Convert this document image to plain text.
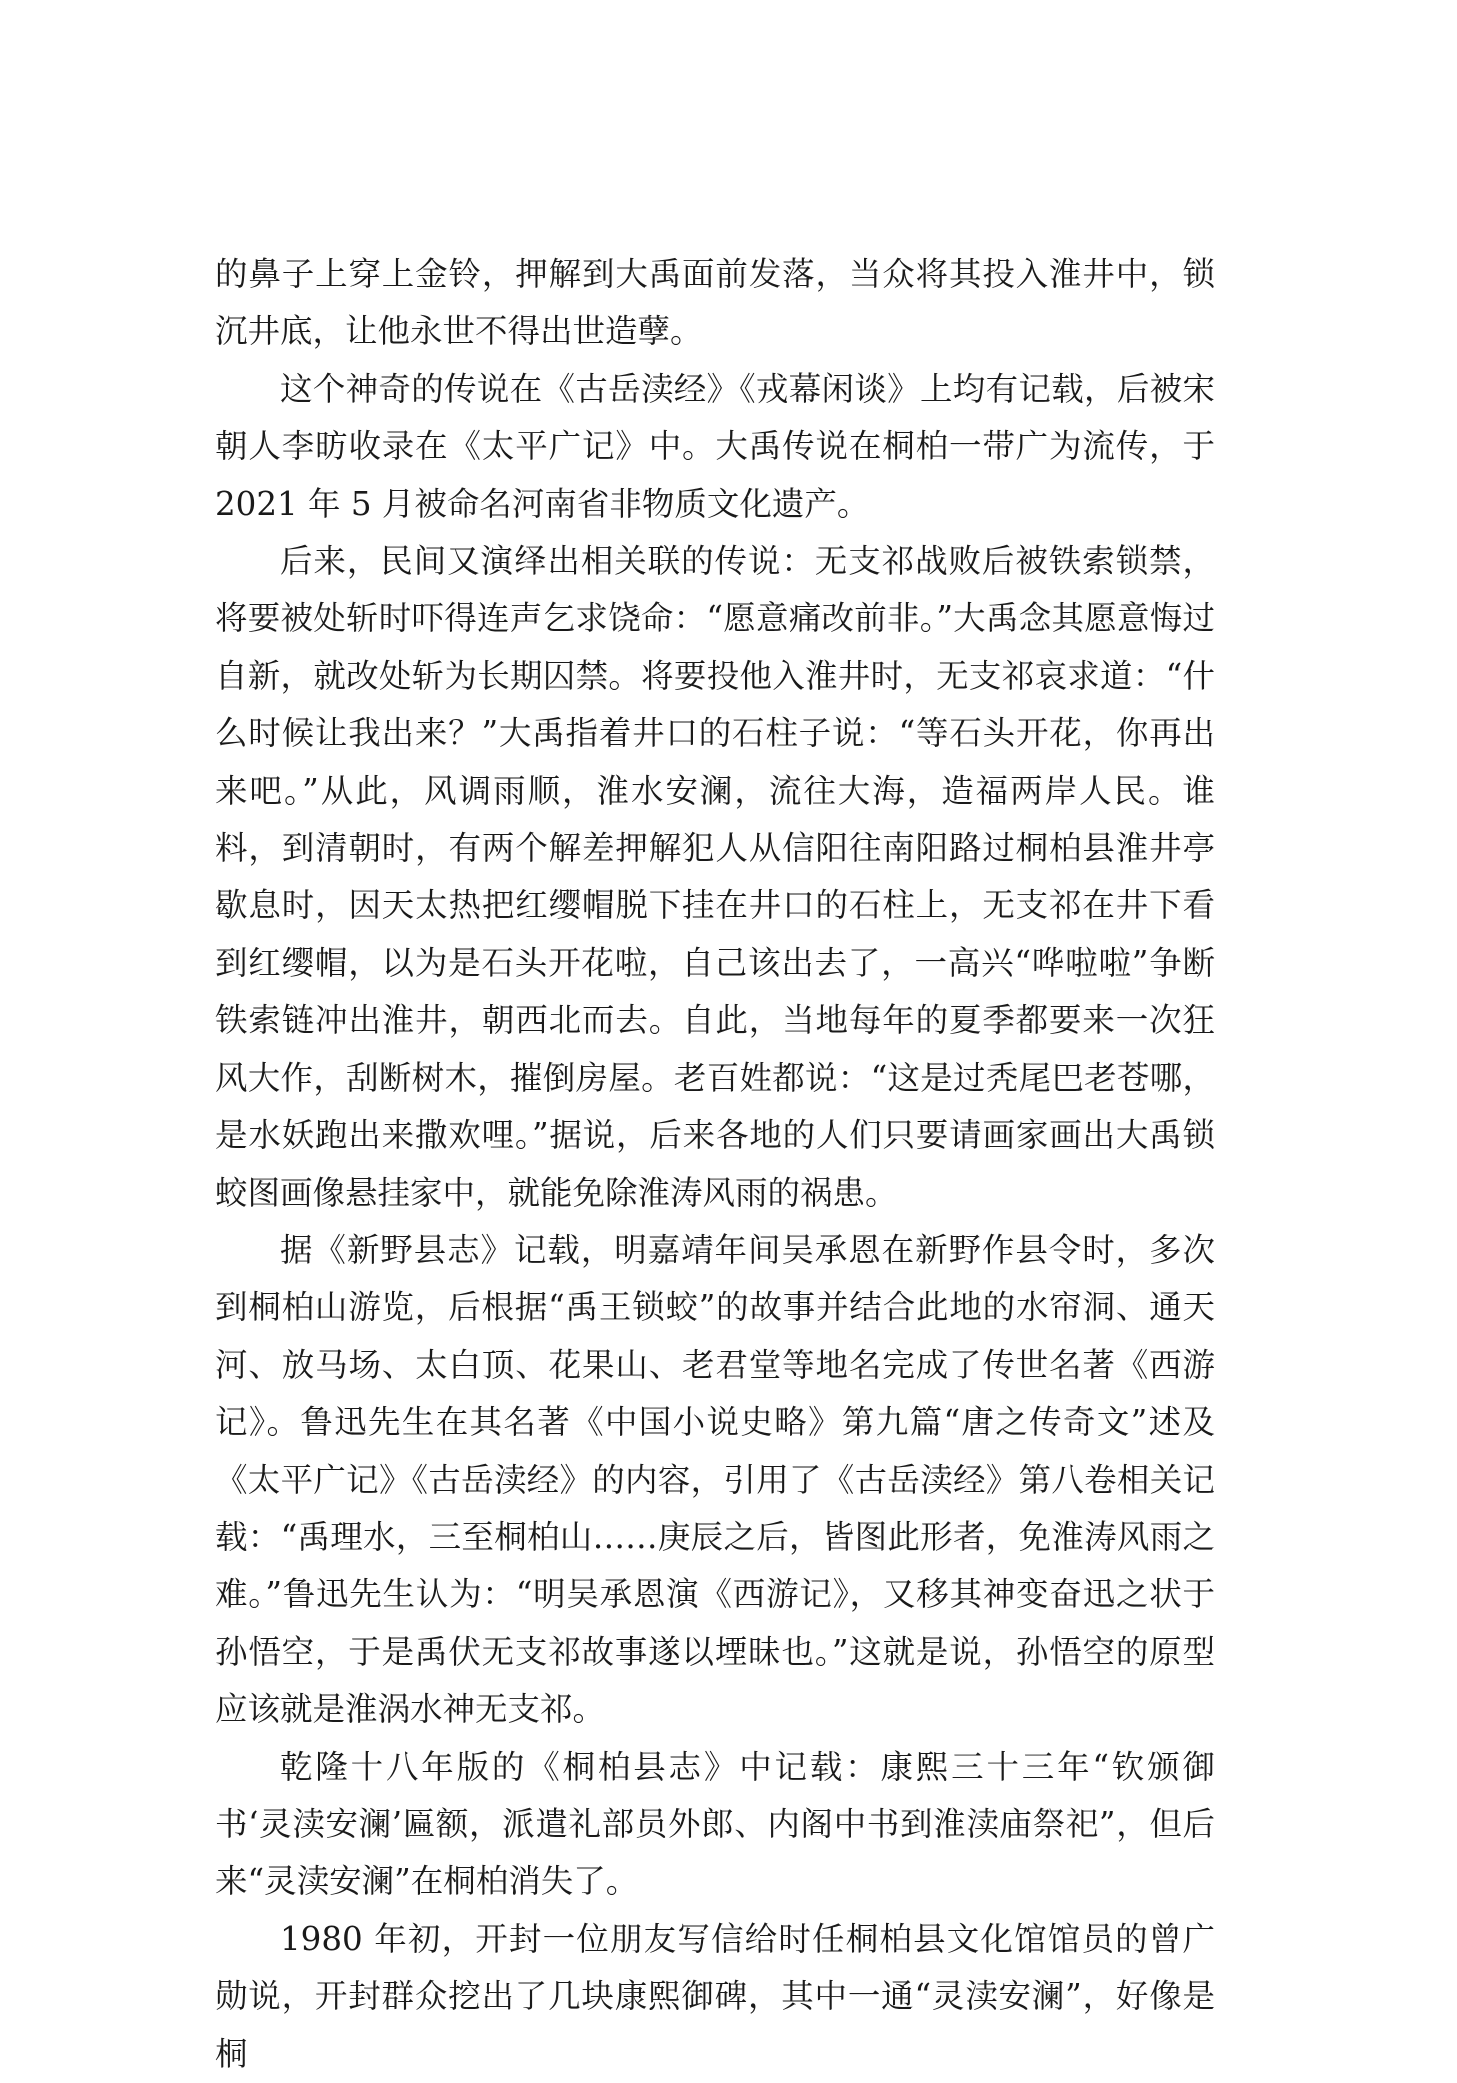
的鼻子上穿上金铃，押解到大禹面前发落，当众将其投入淮井中，锁沉井底，让他永世不得出世造孽。

这个神奇的传说在《古岳渎经》《戎幕闲谈》上均有记载，后被宋朝人李昉收录在《太平广记》中。大禹传说在桐柏一带广为流传，于 2021 年 5 月被命名河南省非物质文化遗产。

后来，民间又演绎出相关联的传说：无支祁战败后被铁索锁禁，将要被处斩时吓得连声乞求饶命：“愿意痛改前非。”大禹念其愿意悔过自新，就改处斩为长期囚禁。将要投他入淮井时，无支祁哀求道：“什么时候让我出来？”大禹指着井口的石柱子说：“等石头开花，你再出来吧。”从此，风调雨顺，淮水安澜，流往大海，造福两岸人民。谁料，到清朝时，有两个解差押解犯人从信阳往南阳路过桐柏县淮井亭歇息时，因天太热把红缨帽脱下挂在井口的石柱上，无支祁在井下看到红缨帽，以为是石头开花啦，自己该出去了，一高兴“哗啦啦”争断铁索链冲出淮井，朝西北而去。自此，当地每年的夏季都要来一次狂风大作，刮断树木，摧倒房屋。老百姓都说：“这是过秃尾巴老苍哪，是水妖跑出来撒欢哩。”据说，后来各地的人们只要请画家画出大禹锁蛟图画像悬挂家中，就能免除淮涛风雨的祸患。

据《新野县志》记载，明嘉靖年间吴承恩在新野作县令时，多次到桐柏山游览，后根据“禹王锁蛟”的故事并结合此地的水帘洞、通天河、放马场、太白顶、花果山、老君堂等地名完成了传世名著《西游记》。鲁迅先生在其名著《中国小说史略》第九篇“唐之传奇文”述及《太平广记》《古岳渎经》的内容，引用了《古岳渎经》第八卷相关记载：“禹理水，三至桐柏山……庚辰之后，皆图此形者，免淮涛风雨之难。”鲁迅先生认为：“明吴承恩演《西游记》，又移其神变奋迅之状于孙悟空，于是禹伏无支祁故事遂以堙昧也。”这就是说，孙悟空的原型应该就是淮涡水神无支祁。

乾隆十八年版的《桐柏县志》中记载：康熙三十三年“钦颁御书‘灵渎安澜’匾额，派遣礼部员外郎、内阁中书到淮渎庙祭祀”，但后来“灵渎安澜”在桐柏消失了。

1980 年初，开封一位朋友写信给时任桐柏县文化馆馆员的曾广勋说，开封群众挖出了几块康熙御碑，其中一通“灵渎安澜”，好像是桐
